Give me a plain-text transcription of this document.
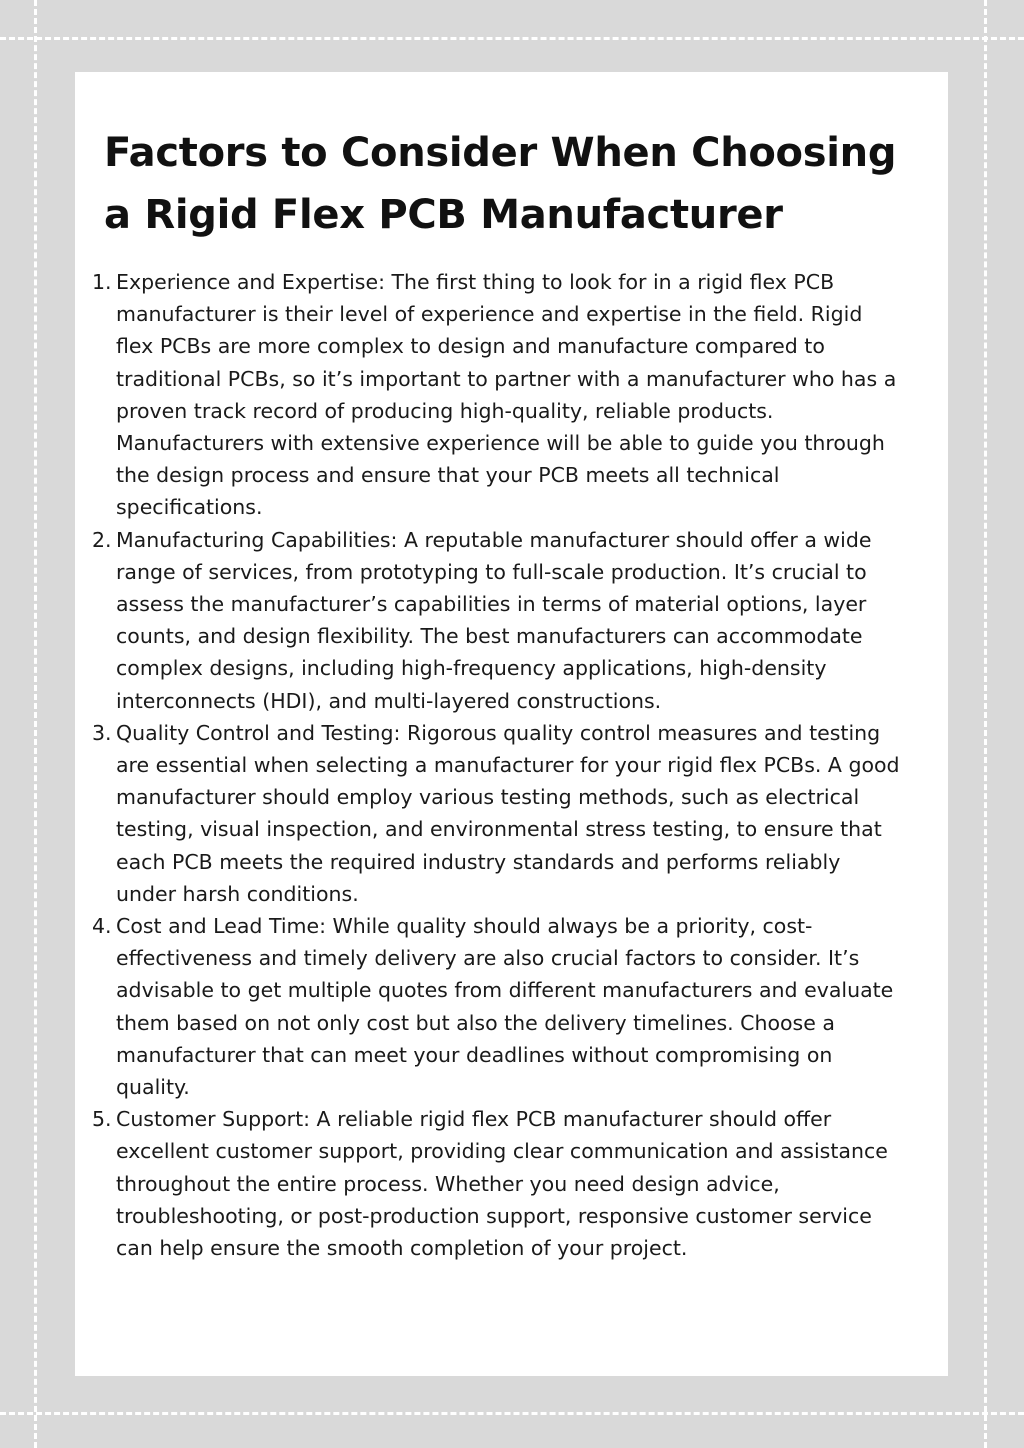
Factors to Consider When Choosing a Rigid Flex PCB Manufacturer
1. Experience and Expertise: The first thing to look for in a rigid flex PCB manufacturer is their level of experience and expertise in the field. Rigid flex PCBs are more complex to design and manufacture compared to traditional PCBs, so it’s important to partner with a manufacturer who has a proven track record of producing high-quality, reliable products. Manufacturers with extensive experience will be able to guide you through the design process and ensure that your PCB meets all technical specifications.
2. Manufacturing Capabilities: A reputable manufacturer should offer a wide range of services, from prototyping to full-scale production. It’s crucial to assess the manufacturer’s capabilities in terms of material options, layer counts, and design flexibility. The best manufacturers can accommodate complex designs, including high-frequency applications, high-density interconnects (HDI), and multi-layered constructions.
3. Quality Control and Testing: Rigorous quality control measures and testing are essential when selecting a manufacturer for your rigid flex PCBs. A good manufacturer should employ various testing methods, such as electrical testing, visual inspection, and environmental stress testing, to ensure that each PCB meets the required industry standards and performs reliably under harsh conditions.
4. Cost and Lead Time: While quality should always be a priority, cost-effectiveness and timely delivery are also crucial factors to consider. It’s advisable to get multiple quotes from different manufacturers and evaluate them based on not only cost but also the delivery timelines. Choose a manufacturer that can meet your deadlines without compromising on quality.
5. Customer Support: A reliable rigid flex PCB manufacturer should offer excellent customer support, providing clear communication and assistance throughout the entire process. Whether you need design advice, troubleshooting, or post-production support, responsive customer service can help ensure the smooth completion of your project.
